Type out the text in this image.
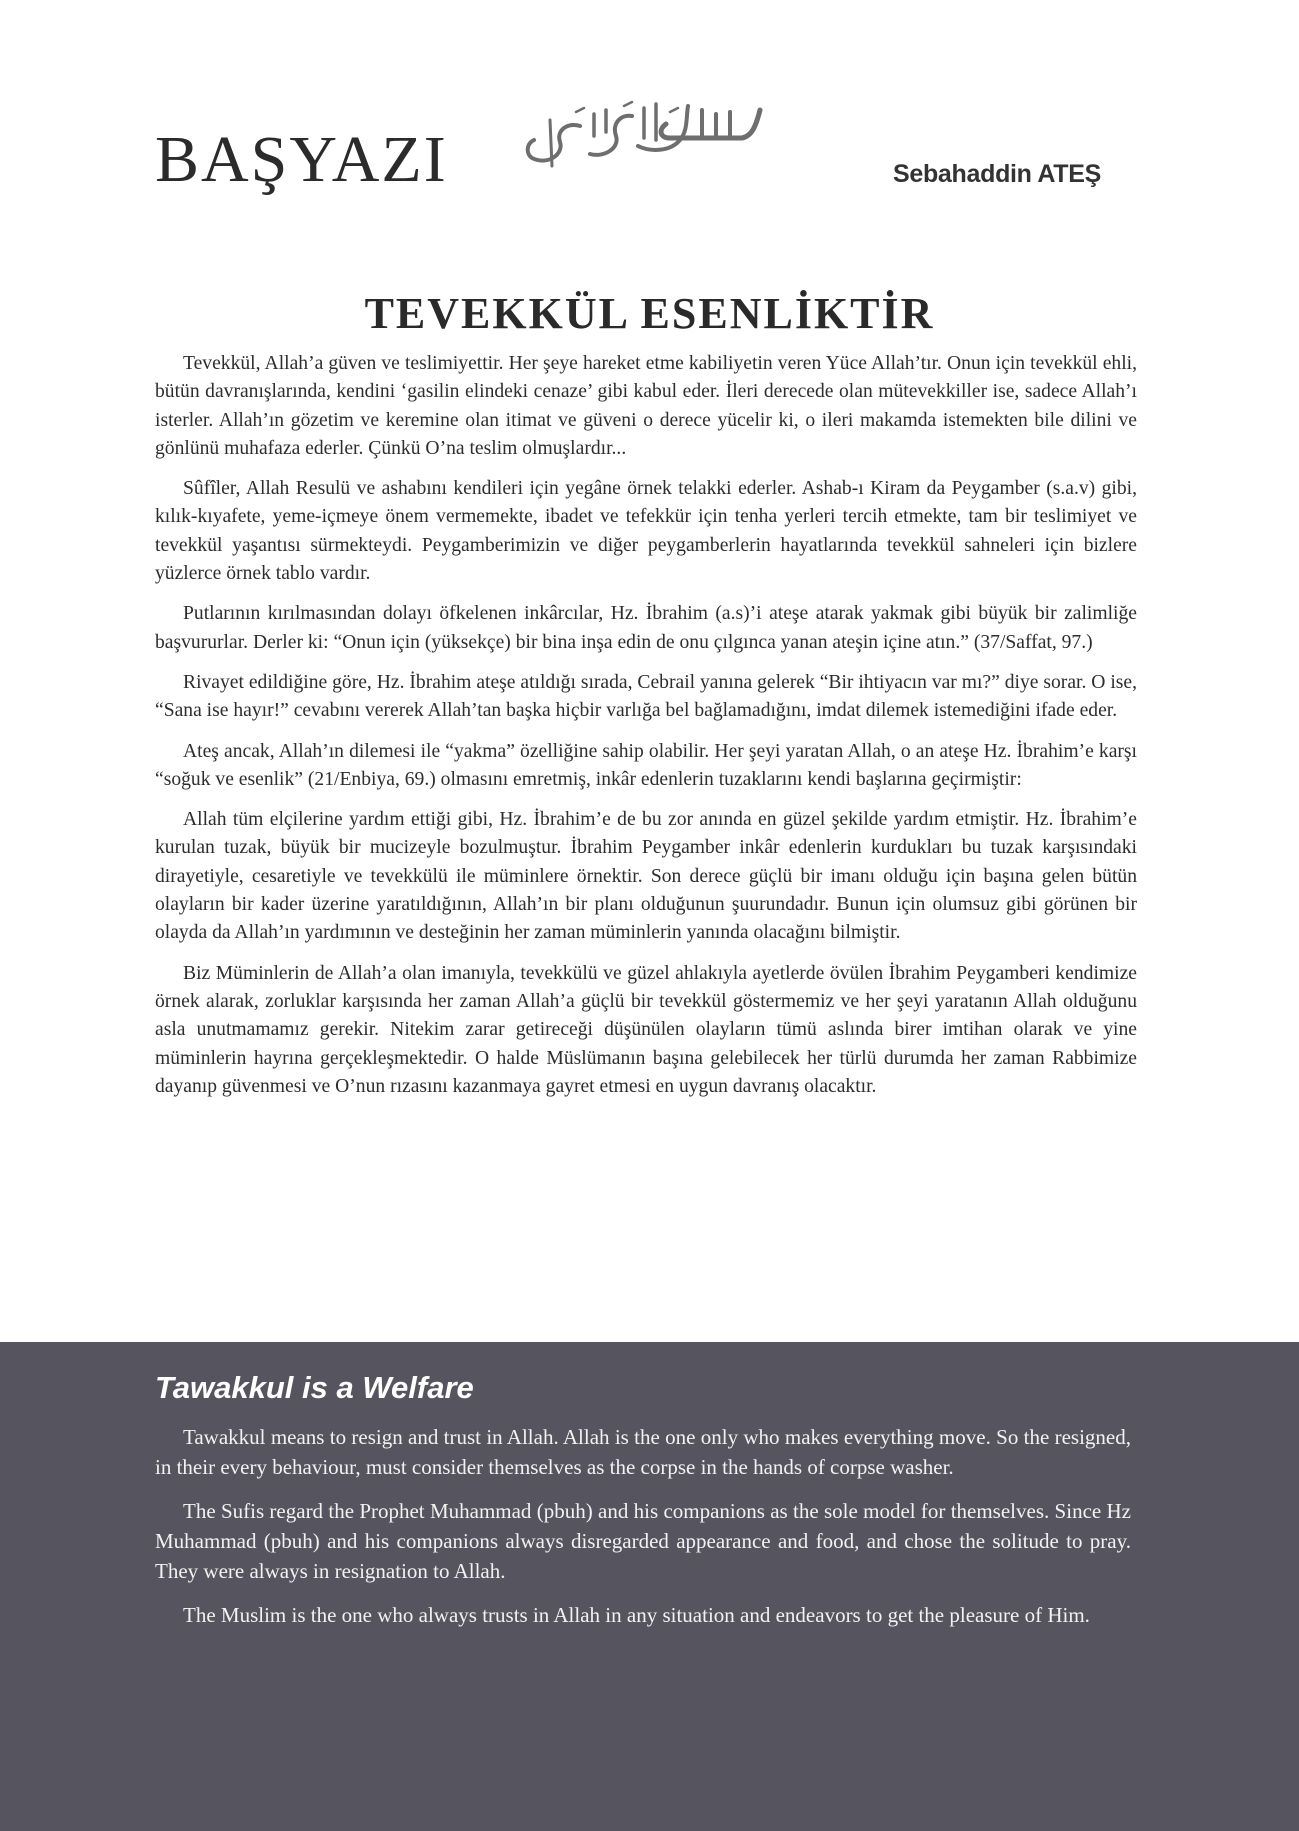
BAŞYAZI	Sebahaddin ATEŞ
TEVEKKÜL ESENLİKTİR

Tevekkül, Allah’a güven ve teslimiyettir. Her şeye hareket etme kabiliyetin veren Yüce Allah’tır. Onun için tevekkül ehli, bütün davranışlarında, kendini ‘gasilin elindeki cenaze’ gibi kabul eder. İleri derecede olan mütevekkiller ise, sadece Allah’ı isterler. Allah’ın gözetim ve keremine olan itimat ve güveni o derece yücelir ki, o ileri makamda istemekten bile dilini ve gönlünü muhafaza ederler. Çünkü O’na teslim olmuşlardır...

Sûfîler, Allah Resulü ve ashabını kendileri için yegâne örnek telakki ederler. Ashab-ı Kiram da Peygamber (s.a.v) gibi, kılık-kıyafete, yeme-içmeye önem vermemekte, ibadet ve tefekkür için tenha yerleri tercih etmekte, tam bir teslimiyet ve tevekkül yaşantısı sürmekteydi. Peygamberimizin ve diğer peygamberlerin hayatlarında tevekkül sahneleri için bizlere yüzlerce örnek tablo vardır.

Putlarının kırılmasından dolayı öfkelenen inkârcılar, Hz. İbrahim (a.s)’i ateşe atarak yakmak gibi büyük bir zalimliğe başvururlar. Derler ki: “Onun için (yüksekçe) bir bina inşa edin de onu çılgınca yanan ateşin içine atın.” (37/Saffat, 97.)

Rivayet edildiğine göre, Hz. İbrahim ateşe atıldığı sırada, Cebrail yanına gelerek “Bir ihtiyacın var mı?” diye sorar. O ise, “Sana ise hayır!” cevabını vererek Allah’tan başka hiçbir varlığa bel bağlamadığını, imdat dilemek istemediğini ifade eder.

Ateş ancak, Allah’ın dilemesi ile “yakma” özelliğine sahip olabilir. Her şeyi yaratan Allah, o an ateşe Hz. İbrahim’e karşı “soğuk ve esenlik” (21/Enbiya, 69.) olmasını emretmiş, inkâr edenlerin tuzaklarını kendi başlarına geçirmiştir:

Allah tüm elçilerine yardım ettiği gibi, Hz. İbrahim’e de bu zor anında en güzel şekilde yardım etmiştir. Hz. İbrahim’e kurulan tuzak, büyük bir mucizeyle bozulmuştur. İbrahim Peygamber inkâr edenlerin kurdukları bu tuzak karşısındaki dirayetiyle, cesaretiyle ve tevekkülü ile müminlere örnektir. Son derece güçlü bir imanı olduğu için başına gelen bütün olayların bir kader üzerine yaratıldığının, Allah’ın bir planı olduğunun şuurundadır. Bunun için olumsuz gibi görünen bir olayda da Allah’ın yardımının ve desteğinin her zaman müminlerin yanında olacağını bilmiştir.

Biz Müminlerin de Allah’a olan imanıyla, tevekkülü ve güzel ahlakıyla ayetlerde övülen İbrahim Peygamberi kendimize örnek alarak, zorluklar karşısında her zaman Allah’a güçlü bir tevekkül göstermemiz ve her şeyi yaratanın Allah olduğunu asla unutmamamız gerekir. Nitekim zarar getireceği düşünülen olayların tümü aslında birer imtihan olarak ve yine müminlerin hayrına gerçekleşmektedir. O halde Müslümanın başına gelebilecek her türlü durumda her zaman Rabbimize dayanıp güvenmesi ve O’nun rızasını kazanmaya gayret etmesi en uygun davranış olacaktır.

Tawakkul is a Welfare

Tawakkul means to resign and trust in Allah. Allah is the one only who makes everything move. So the resigned, in their every behaviour, must consider themselves as the corpse in the hands of corpse washer.

The Sufis regard the Prophet Muhammad (pbuh) and his companions as the sole model for themselves. Since Hz Muhammad (pbuh) and his companions always disregarded appearance and food, and chose the solitude to pray. They were always in resignation to Allah.

The Muslim is the one who always trusts in Allah in any situation and endeavors to get the pleasure of Him.
